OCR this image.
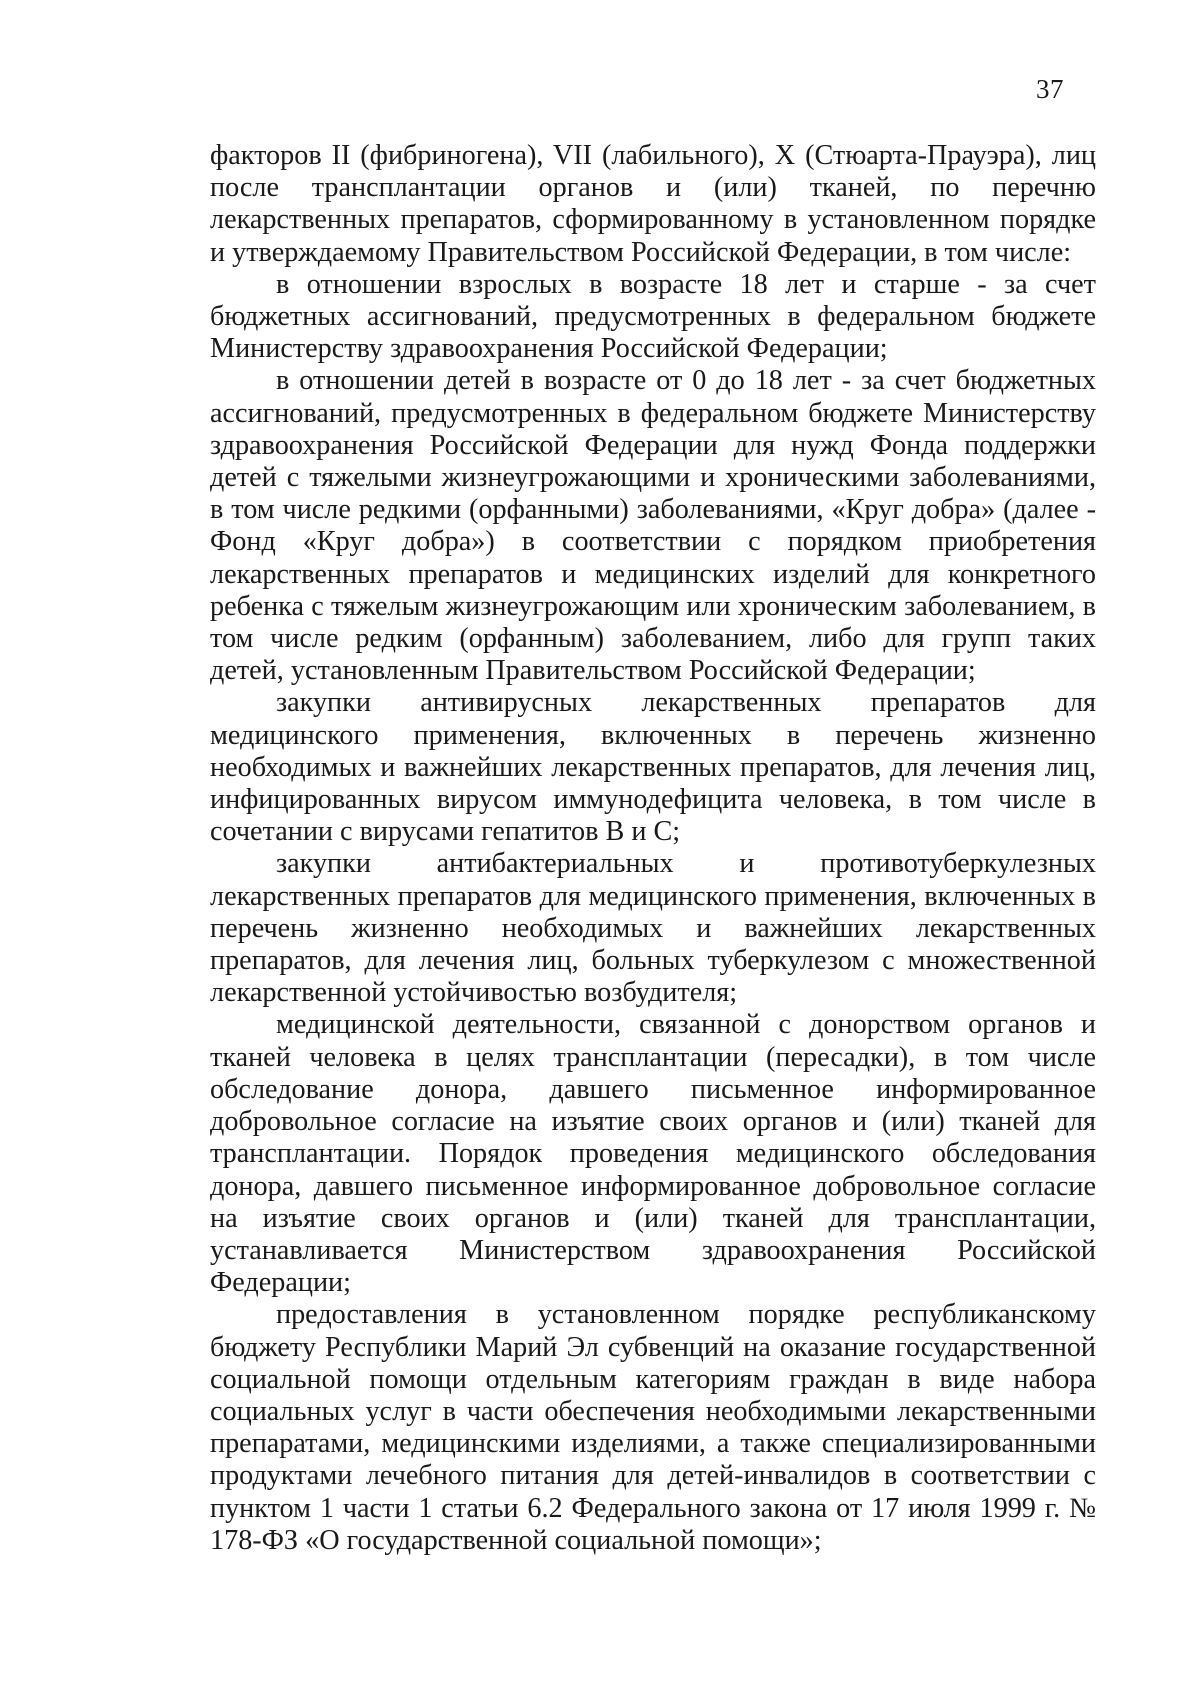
37

факторов II (фибриногена), VII (лабильного), X (Стюарта-Прауэра), лиц после трансплантации органов и (или) тканей, по перечню лекарственных препаратов, сформированному в установленном порядке и утверждаемому Правительством Российской Федерации, в том числе:

в отношении взрослых в возрасте 18 лет и старше - за счет бюджетных ассигнований, предусмотренных в федеральном бюджете Министерству здравоохранения Российской Федерации;

в отношении детей в возрасте от 0 до 18 лет - за счет бюджетных ассигнований, предусмотренных в федеральном бюджете Министерству здравоохранения Российской Федерации для нужд Фонда поддержки детей с тяжелыми жизнеугрожающими и хроническими заболеваниями, в том числе редкими (орфанными) заболеваниями, «Круг добра» (далее - Фонд «Круг добра») в соответствии с порядком приобретения лекарственных препаратов и медицинских изделий для конкретного ребенка с тяжелым жизнеугрожающим или хроническим заболеванием, в том числе редким (орфанным) заболеванием, либо для групп таких детей, установленным Правительством Российской Федерации;

закупки антивирусных лекарственных препаратов для медицинского применения, включенных в перечень жизненно необходимых и важнейших лекарственных препаратов, для лечения лиц, инфицированных вирусом иммунодефицита человека, в том числе в сочетании с вирусами гепатитов B и C;

закупки антибактериальных и противотуберкулезных лекарственных препаратов для медицинского применения, включенных в перечень жизненно необходимых и важнейших лекарственных препаратов, для лечения лиц, больных туберкулезом с множественной лекарственной устойчивостью возбудителя;

медицинской деятельности, связанной с донорством органов и тканей человека в целях трансплантации (пересадки), в том числе обследование донора, давшего письменное информированное добровольное согласие на изъятие своих органов и (или) тканей для трансплантации. Порядок проведения медицинского обследования донора, давшего письменное информированное добровольное согласие на изъятие своих органов и (или) тканей для трансплантации, устанавливается Министерством здравоохранения Российской Федерации;

предоставления в установленном порядке республиканскому бюджету Республики Марий Эл субвенций на оказание государственной социальной помощи отдельным категориям граждан в виде набора социальных услуг в части обеспечения необходимыми лекарственными препаратами, медицинскими изделиями, а также специализированными продуктами лечебного питания для детей-инвалидов в соответствии с пунктом 1 части 1 статьи 6.2 Федерального закона от 17 июля 1999 г. № 178-ФЗ «О государственной социальной помощи»;
